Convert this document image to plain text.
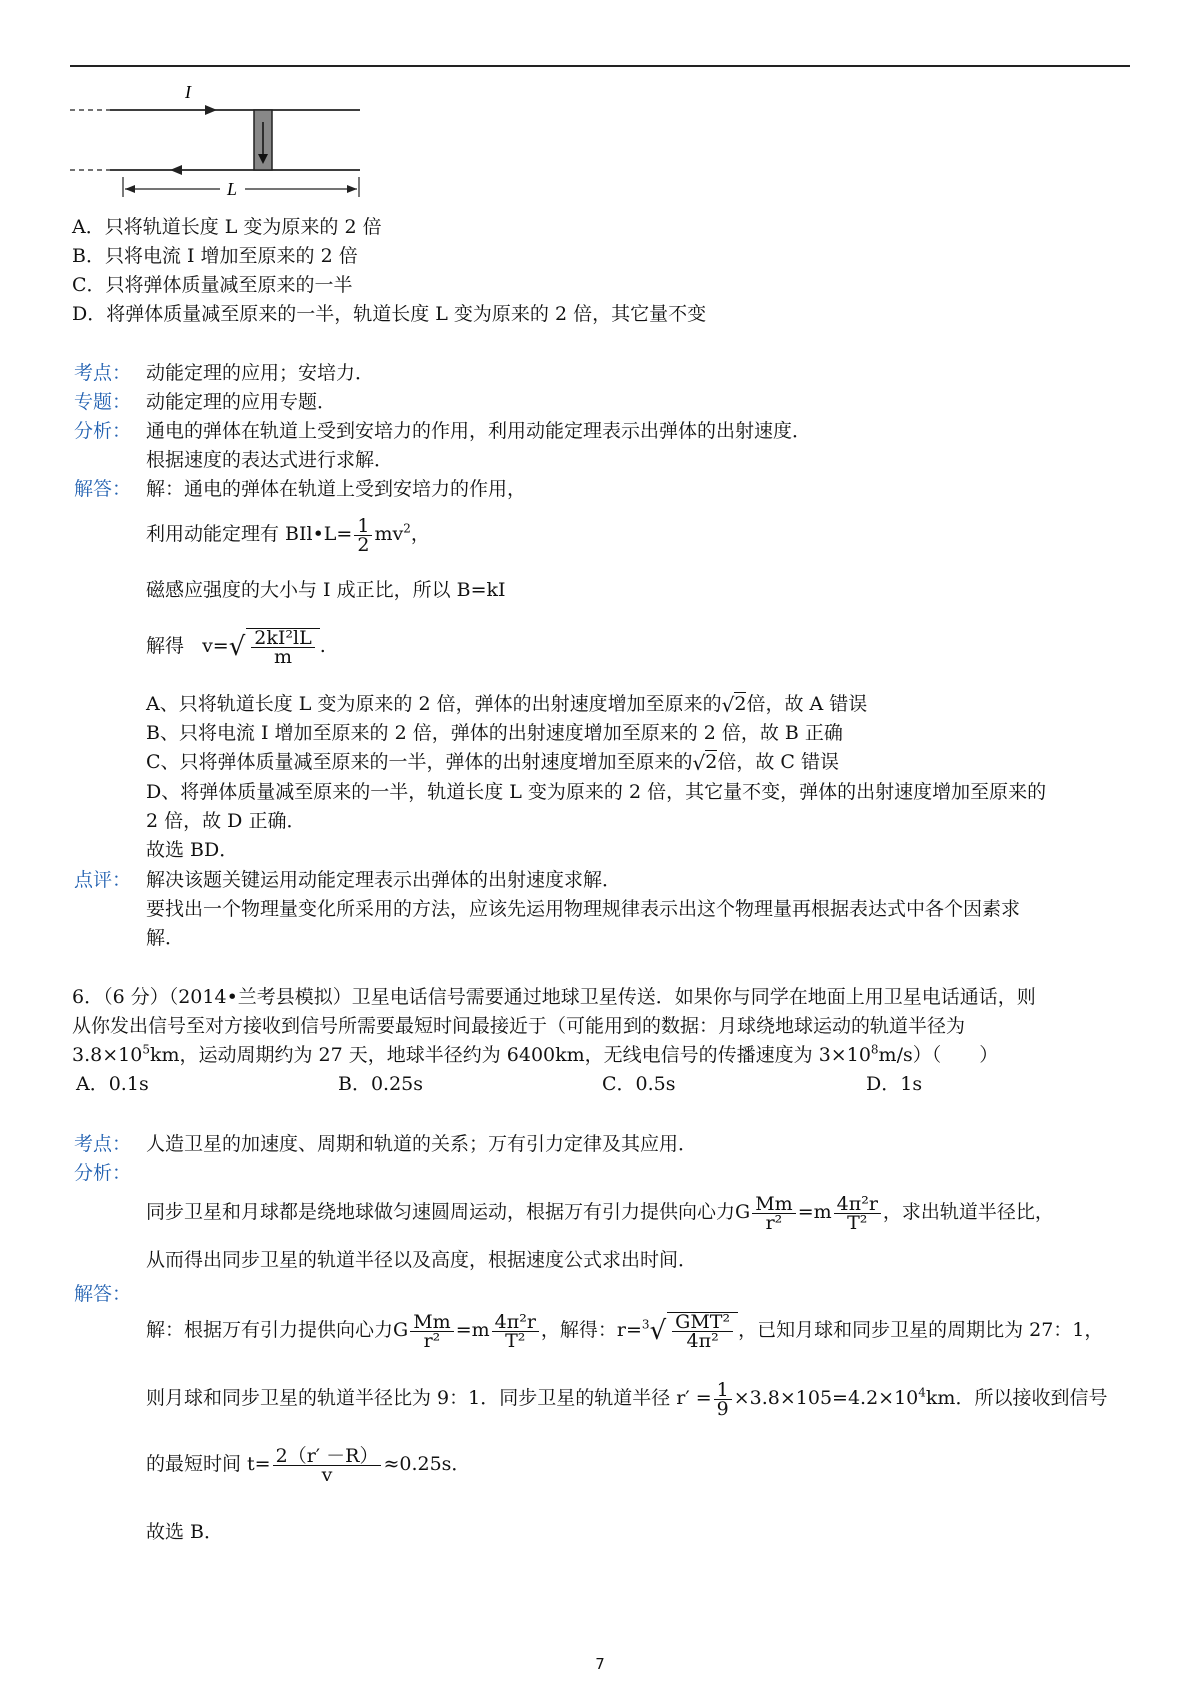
I
L
A．只将轨道长度 L 变为原来的 2 倍
B．只将电流 I 增加至原来的 2 倍
C．只将弹体质量减至原来的一半
D．将弹体质量减至原来的一半，轨道长度 L 变为原来的 2 倍，其它量不变
考点： 动能定理的应用；安培力．
专题： 动能定理的应用专题．
分析： 通电的弹体在轨道上受到安培力的作用，利用动能定理表示出弹体的出射速度．
根据速度的表达式进行求解．
解答： 解：通电的弹体在轨道上受到安培力的作用，
利用动能定理有 BIl•L= $\frac{1}{2} mv^2$，
磁感应强度的大小与 I 成正比，所以 B=kI
解得 $v=√ \frac{\text{2kI²lL}}{m}$ .
A、只将轨道长度 L 变为原来的 2 倍，弹体的出射速度增加至原来的√2倍，故 A 错误
B、只将电流 I 增加至原来的 2 倍，弹体的出射速度增加至原来的 2 倍，故 B 正确
C、只将弹体质量减至原来的一半，弹体的出射速度增加至原来的√2倍，故 C 错误
D、将弹体质量减至原来的一半，轨道长度 L 变为原来的 2 倍，其它量不变，弹体的出射速度增加至原来的
2 倍，故 D 正确．
故选 BD．
点评： 解决该题关键运用动能定理表示出弹体的出射速度求解．
要找出一个物理量变化所采用的方法，应该先运用物理规律表示出这个物理量再根据表达式中各个因素求
解．
6．（6 分）（2014•兰考县模拟）卫星电话信号需要通过地球卫星传送．如果你与同学在地面上用卫星电话通话，则
从你发出信号至对方接收到信号所需要最短时间最接近于（可能用到的数据：月球绕地球运动的轨道半径为
$3.8\times 10^5km$，运动周期约为 27 天，地球半径约为 6400km，无线电信号的传播速度为 $3\times 10^8m/s$）（　　）
A．0.1s	B．0.25s	C．0.5s	D．1s
考点： 人造卫星的加速度、周期和轨道的关系；万有引力定律及其应用．
分析：
同步卫星和月球都是绕地球做匀速圆周运动，根据万有引力提供向心力G $\frac{Mm}{\text{r²}} =m \frac{\text{4π²r}}{\text{T²}}$ ，求出轨道半径比，
从而得出同步卫星的轨道半径以及高度，根据速度公式求出时间．
解答：
解：根据万有引力提供向心力G $\frac{Mm}{\text{r²}} =m \frac{\text{4π²r}}{\text{T²}}$ ，解得：$r=^3√ \frac{\text{GMT²}}{\text{4π²}}$ ，已知月球和同步卫星的周期比为 27：1，
则月球和同步卫星的轨道半径比为 9：1．同步卫星的轨道半径 $r' = \frac{1}{9} \times 3.8\times 105=4.2\times 10^4km$．所以接收到信号
的最短时间 $t= \frac{2(r' -R)}{v} \approx 0.25s$．
故选 B．
7
